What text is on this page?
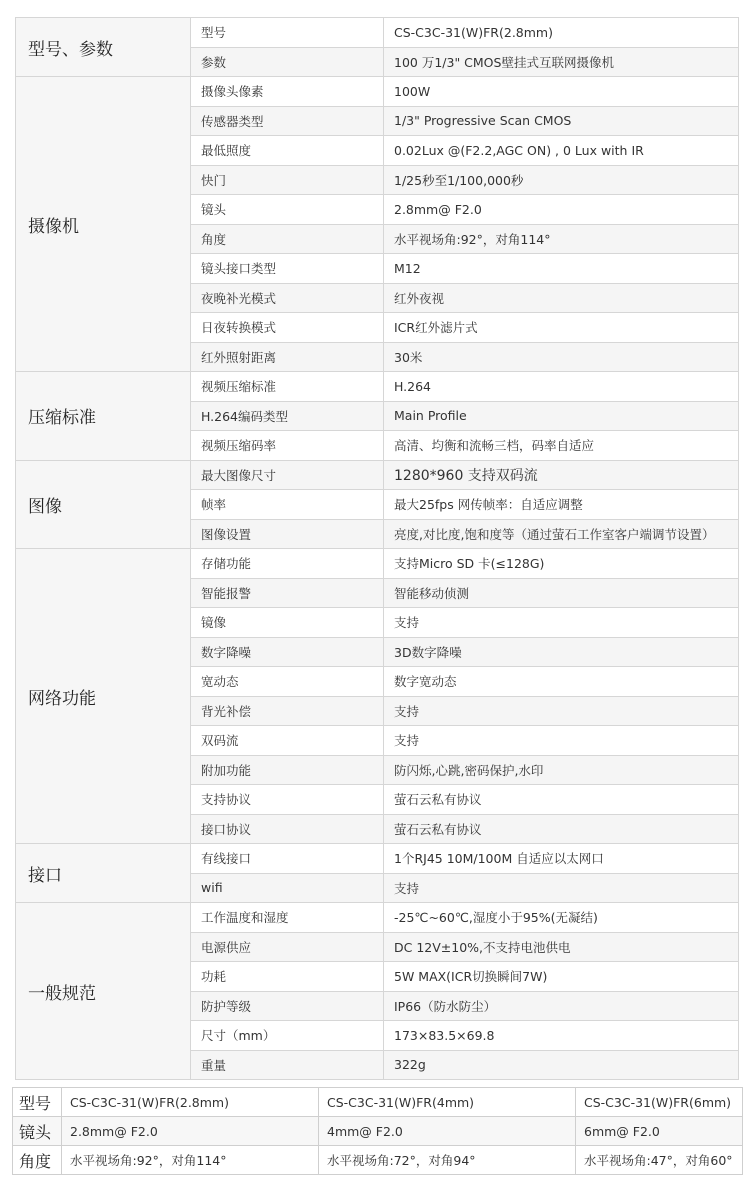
型号、参数	型号	CS-C3C-31(W)FR(2.8mm)
	参数	100 万1/3" CMOS壁挂式互联网摄像机
摄像机	摄像头像素	100W
	传感器类型	1/3" Progressive Scan CMOS
	最低照度	0.02Lux @(F2.2,AGC ON) , 0 Lux with IR
	快门	1/25秒至1/100,000秒
	镜头	2.8mm@ F2.0
	角度	水平视场角:92°，对角114°
	镜头接口类型	M12
	夜晚补光模式	红外夜视
	日夜转换模式	ICR红外滤片式
	红外照射距离	30米
压缩标准	视频压缩标准	H.264
	H.264编码类型	Main Profile
	视频压缩码率	高清、均衡和流畅三档，码率自适应
图像	最大图像尺寸	1280*960 支持双码流
	帧率	最大25fps 网传帧率：自适应调整
	图像设置	亮度,对比度,饱和度等（通过萤石工作室客户端调节设置）
网络功能	存储功能	支持Micro SD 卡(≤128G)
	智能报警	智能移动侦测
	镜像	支持
	数字降噪	3D数字降噪
	宽动态	数字宽动态
	背光补偿	支持
	双码流	支持
	附加功能	防闪烁,心跳,密码保护,水印
	支持协议	萤石云私有协议
	接口协议	萤石云私有协议
接口	有线接口	1个RJ45 10M/100M 自适应以太网口
	wifi	支持
一般规范	工作温度和湿度	-25℃~60℃,湿度小于95%(无凝结)
	电源供应	DC 12V±10%,不支持电池供电
	功耗	5W MAX(ICR切换瞬间7W)
	防护等级	IP66（防水防尘）
	尺寸（mm）	173×83.5×69.8
	重量	322g
型号	CS-C3C-31(W)FR(2.8mm)	CS-C3C-31(W)FR(4mm)	CS-C3C-31(W)FR(6mm)
镜头	2.8mm@ F2.0	4mm@ F2.0	6mm@ F2.0
角度	水平视场角:92°，对角114°	水平视场角:72°，对角94°	水平视场角:47°，对角60°
